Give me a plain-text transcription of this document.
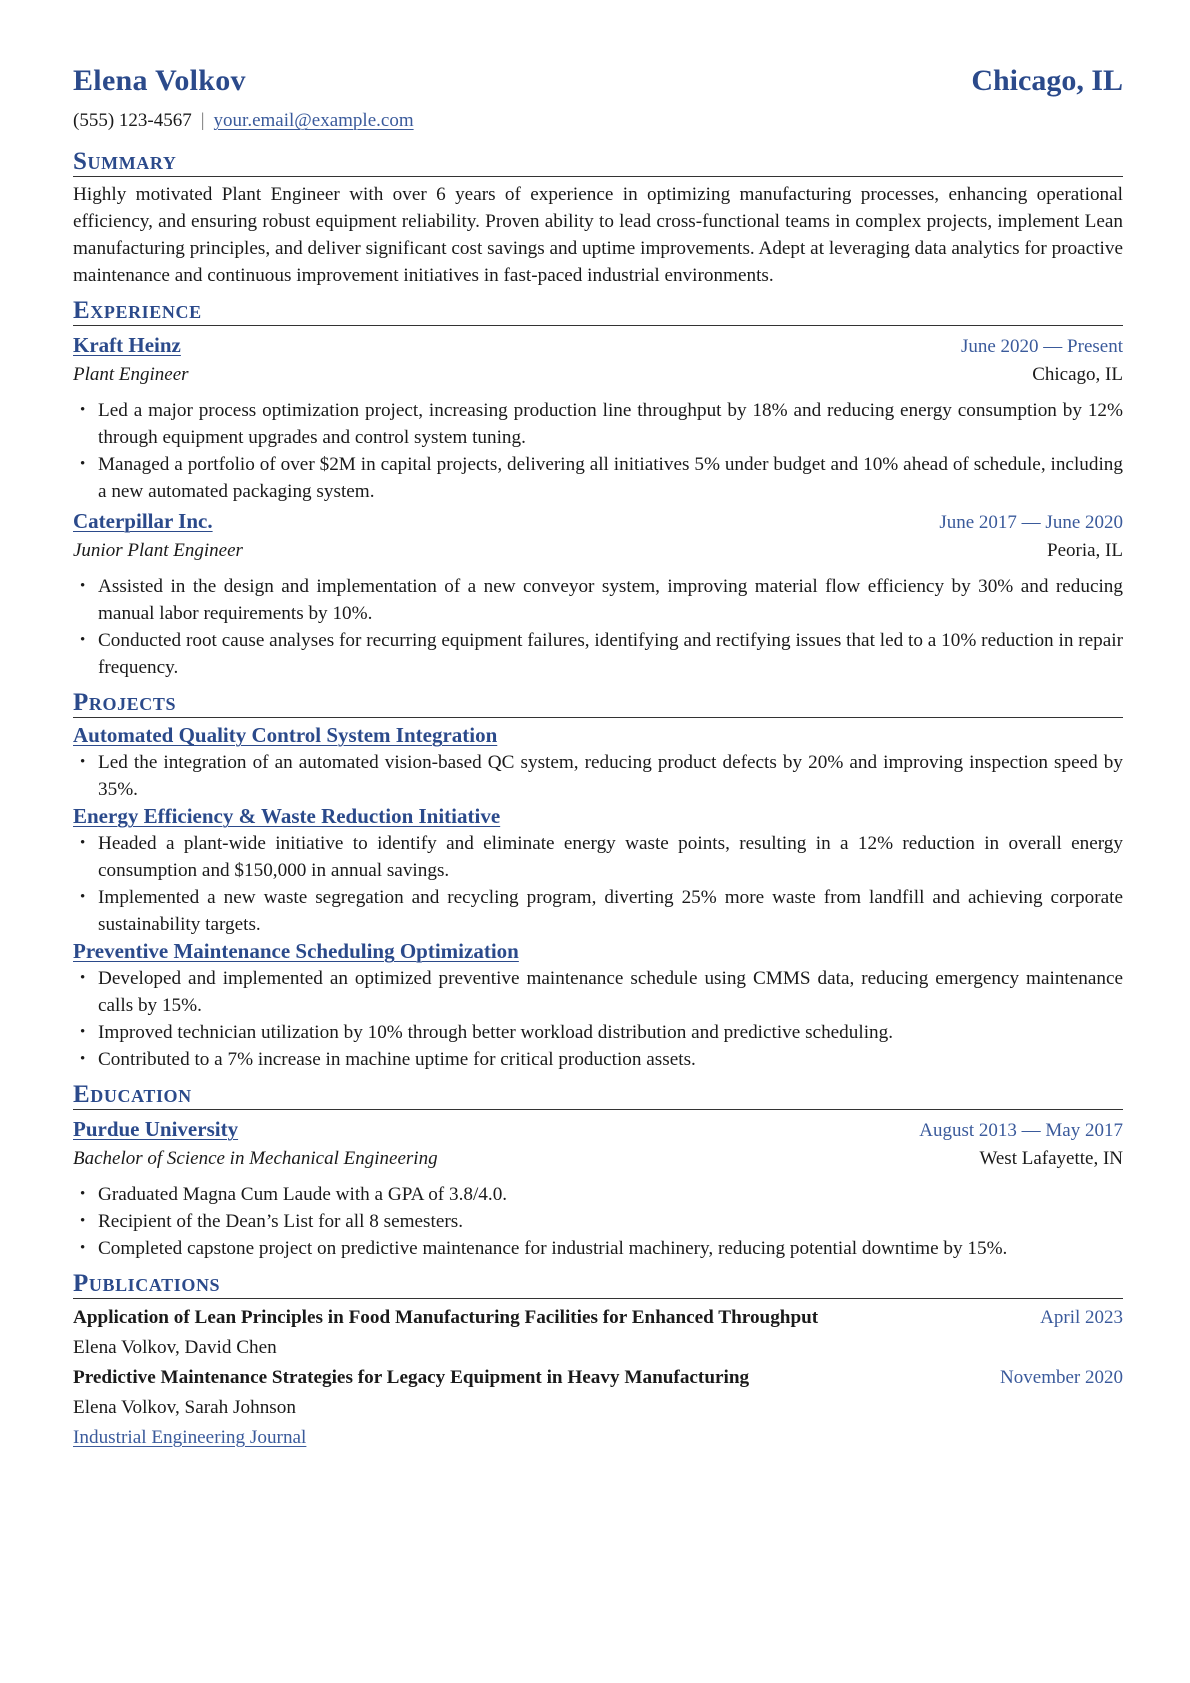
Elena Volkov	Chicago, IL
(555) 123-4567 | your.email@example.com
Summary

Highly motivated Plant Engineer with over 6 years of experience in optimizing manufacturing processes, enhancing operational efficiency, and ensuring robust equipment reliability. Proven ability to lead cross-functional teams in complex projects, implement Lean manufacturing principles, and deliver significant cost savings and uptime improvements. Adept at leveraging data analytics for proactive maintenance and continuous improvement initiatives in fast-paced industrial environments.

Experience
Kraft Heinz	June 2020 — Present
Plant Engineer	Chicago, IL
• Led a major process optimization project, increasing production line throughput by 18% and reducing energy consumption by 12% through equipment upgrades and control system tuning.
• Managed a portfolio of over $2M in capital projects, delivering all initiatives 5% under budget and 10% ahead of schedule, including a new automated packaging system.
Caterpillar Inc.	June 2017 — June 2020
Junior Plant Engineer	Peoria, IL
• Assisted in the design and implementation of a new conveyor system, improving material flow efficiency by 30% and reducing manual labor requirements by 10%.
• Conducted root cause analyses for recurring equipment failures, identifying and rectifying issues that led to a 10% reduction in repair frequency.
Projects
Automated Quality Control System Integration
• Led the integration of an automated vision-based QC system, reducing product defects by 20% and improving inspection speed by 35%.
Energy Efficiency & Waste Reduction Initiative
• Headed a plant-wide initiative to identify and eliminate energy waste points, resulting in a 12% reduction in overall energy consumption and $150,000 in annual savings.
• Implemented a new waste segregation and recycling program, diverting 25% more waste from landfill and achieving corporate sustainability targets.
Preventive Maintenance Scheduling Optimization
• Developed and implemented an optimized preventive maintenance schedule using CMMS data, reducing emergency maintenance calls by 15%.
• Improved technician utilization by 10% through better workload distribution and predictive scheduling.
• Contributed to a 7% increase in machine uptime for critical production assets.
Education
Purdue University	August 2013 — May 2017
Bachelor of Science in Mechanical Engineering	West Lafayette, IN
• Graduated Magna Cum Laude with a GPA of 3.8/4.0.
• Recipient of the Dean’s List for all 8 semesters.
• Completed capstone project on predictive maintenance for industrial machinery, reducing potential downtime by 15%.
Publications
Application of Lean Principles in Food Manufacturing Facilities for Enhanced Throughput	April 2023
Elena Volkov, David Chen
Predictive Maintenance Strategies for Legacy Equipment in Heavy Manufacturing	November 2020
Elena Volkov, Sarah Johnson
Industrial Engineering Journal
